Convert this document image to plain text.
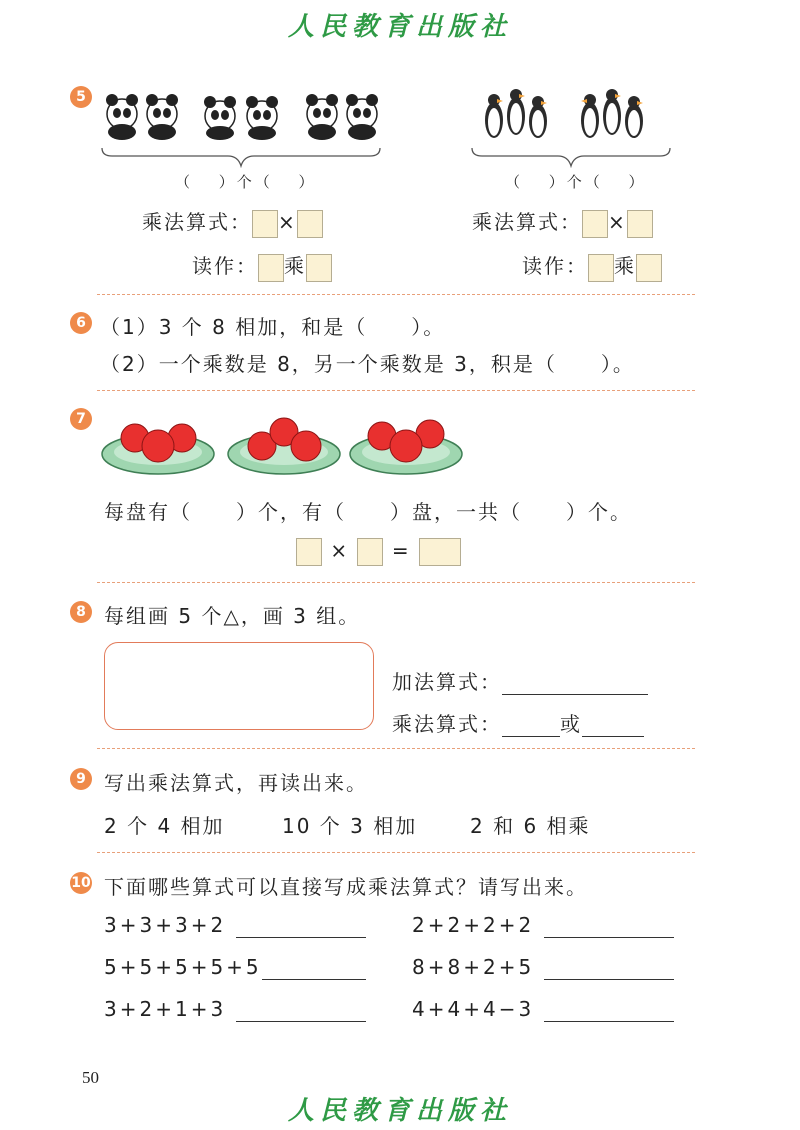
人民教育出版社
5
（　 ）个（　 ）	（　 ）个（　 ）
乘法算式： ×
读作： 乘
乘法算式： ×
读作： 乘
6 （1）3 个 8 相加，和是（　　）。
（2）一个乘数是 8，另一个乘数是 3，积是（　　）。
7
每盘有（　　）个，有（　　）盘，一共（　　）个。
× =
8 每组画 5 个△，画 3 组。
加法算式：
乘法算式：	或
9 写出乘法算式，再读出来。
2 个 4 相加	10 个 3 相加	2 和 6 相乘
10 下面哪些算式可以直接写成乘法算式？请写出来。
3+3+3+2	2+2+2+2
5+5+5+5+5	8+8+2+5
3+2+1+3	4+4+4−3
50
人民教育出版社
